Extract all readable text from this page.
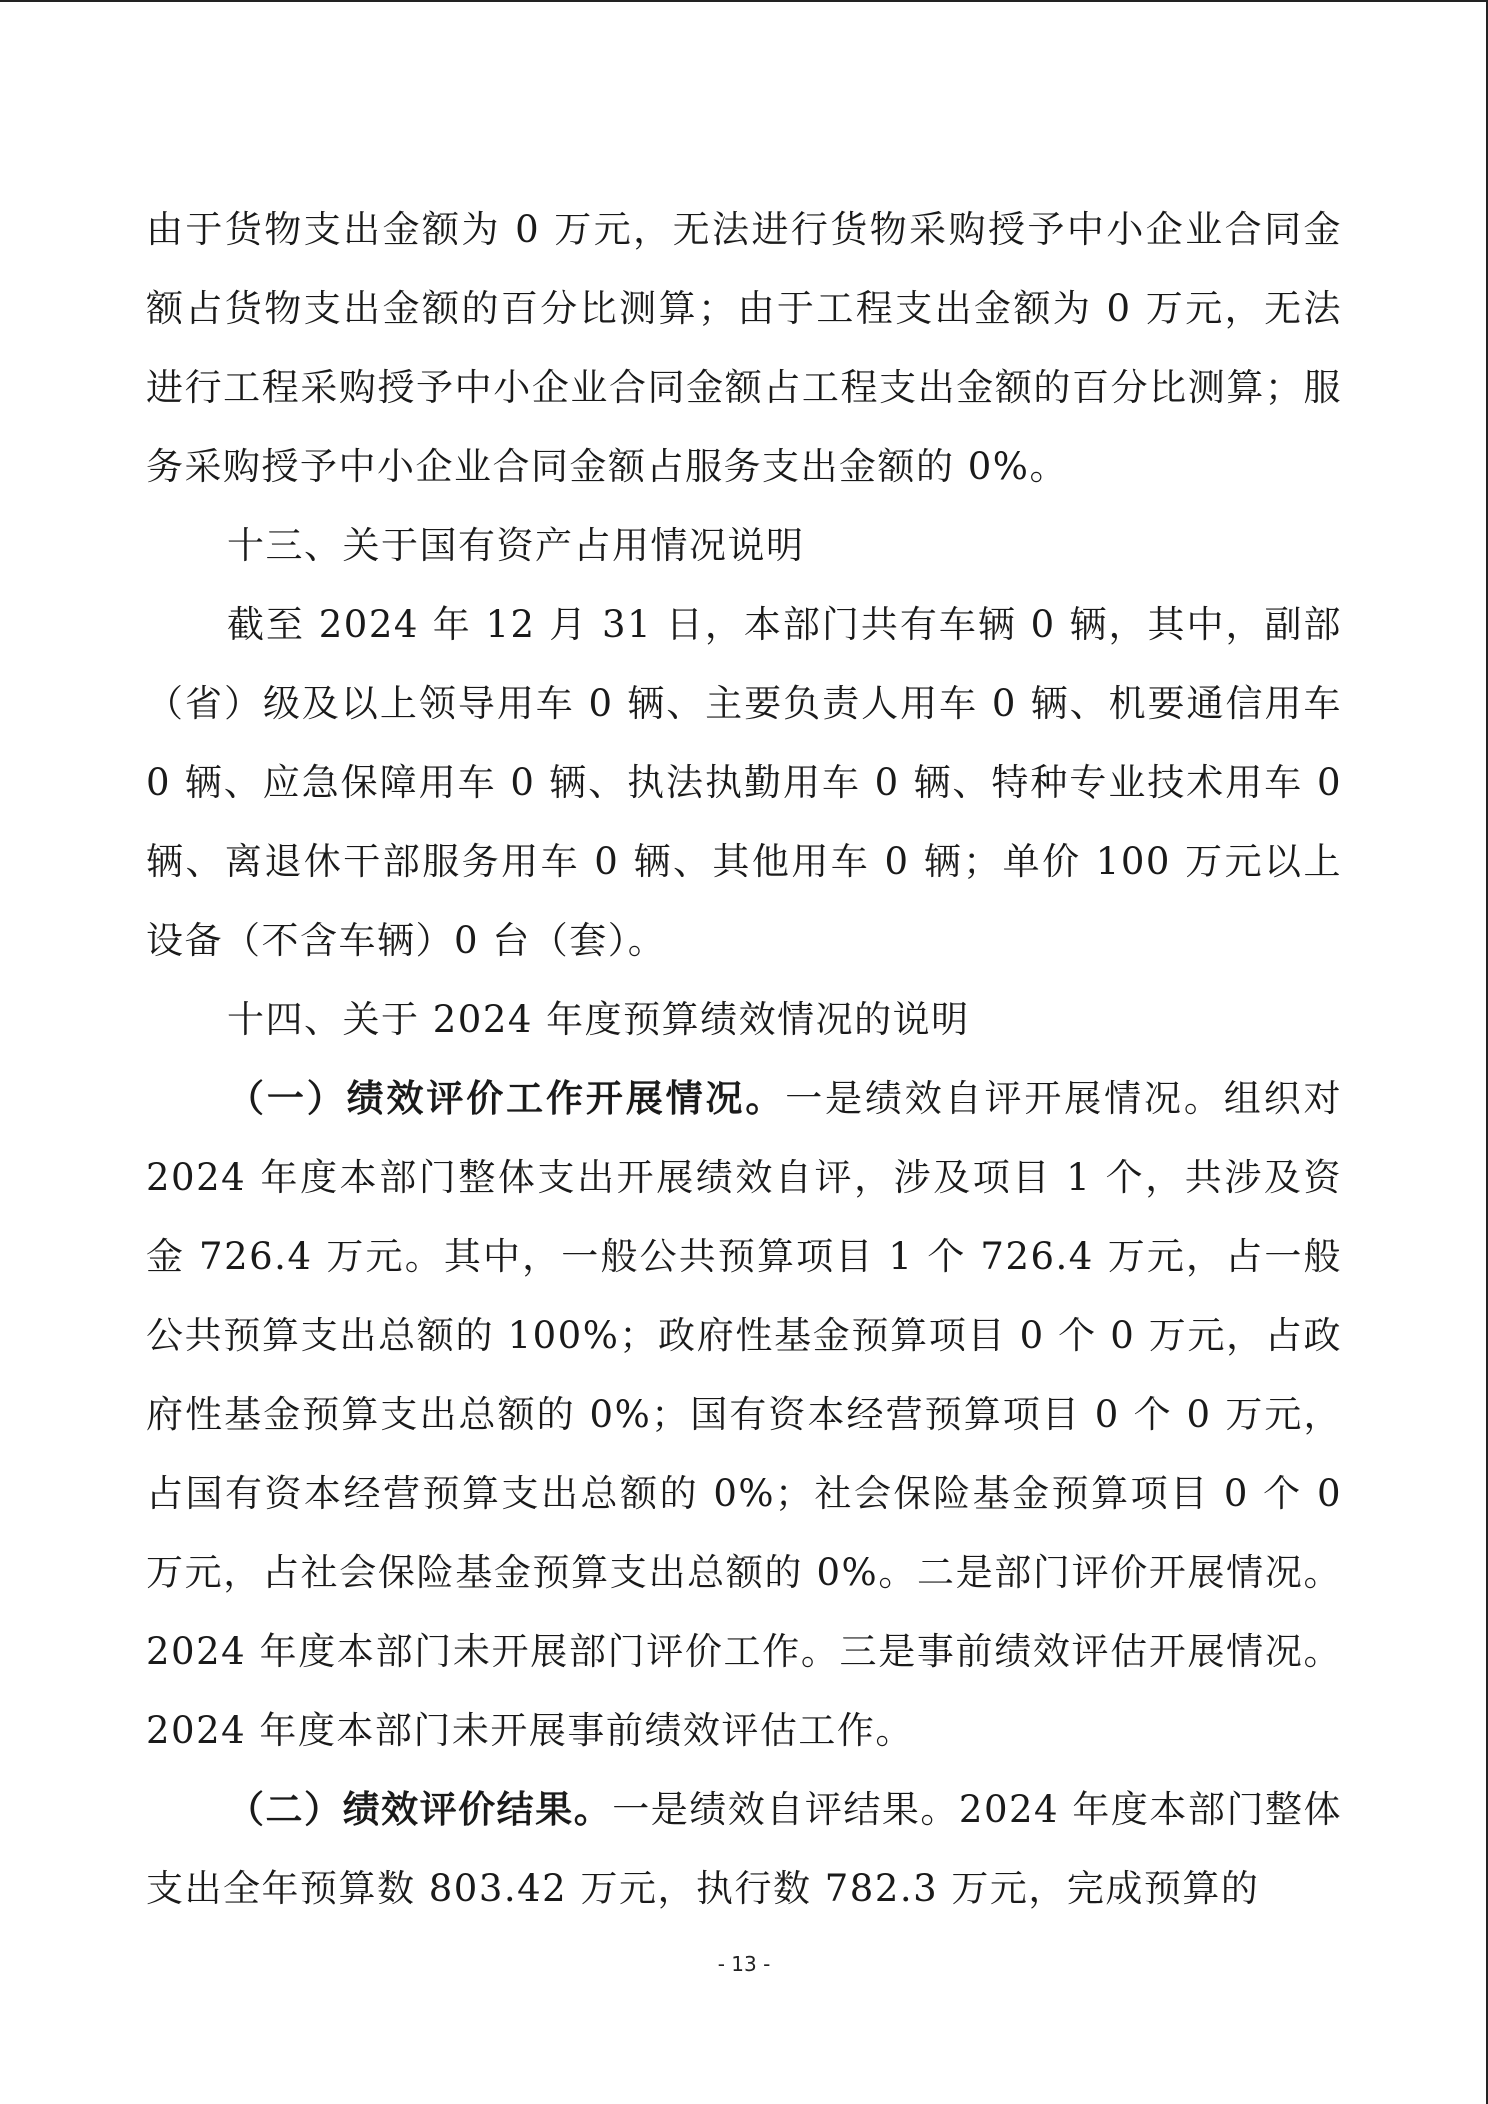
由于货物支出金额为 0 万元，无法进行货物采购授予中小企业合同金额占货物支出金额的百分比测算；由于工程支出金额为 0 万元，无法进行工程采购授予中小企业合同金额占工程支出金额的百分比测算；服务采购授予中小企业合同金额占服务支出金额的 0%。

十三、关于国有资产占用情况说明

截至 2024 年 12 月 31 日，本部门共有车辆 0 辆，其中，副部（省）级及以上领导用车 0 辆、主要负责人用车 0 辆、机要通信用车 0 辆、应急保障用车 0 辆、执法执勤用车 0 辆、特种专业技术用车 0 辆、离退休干部服务用车 0 辆、其他用车 0 辆；单价 100 万元以上设备（不含车辆）0 台（套）。

十四、关于 2024 年度预算绩效情况的说明

（一）绩效评价工作开展情况。一是绩效自评开展情况。组织对 2024 年度本部门整体支出开展绩效自评，涉及项目 1 个，共涉及资金 726.4 万元。其中，一般公共预算项目 1 个 726.4 万元，占一般公共预算支出总额的 100%；政府性基金预算项目 0 个 0 万元，占政府性基金预算支出总额的 0%；国有资本经营预算项目 0 个 0 万元，占国有资本经营预算支出总额的 0%；社会保险基金预算项目 0 个 0 万元，占社会保险基金预算支出总额的 0%。二是部门评价开展情况。2024 年度本部门未开展部门评价工作。三是事前绩效评估开展情况。2024 年度本部门未开展事前绩效评估工作。

（二）绩效评价结果。一是绩效自评结果。2024 年度本部门整体支出全年预算数 803.42 万元，执行数 782.3 万元，完成预算的

- 13 -
